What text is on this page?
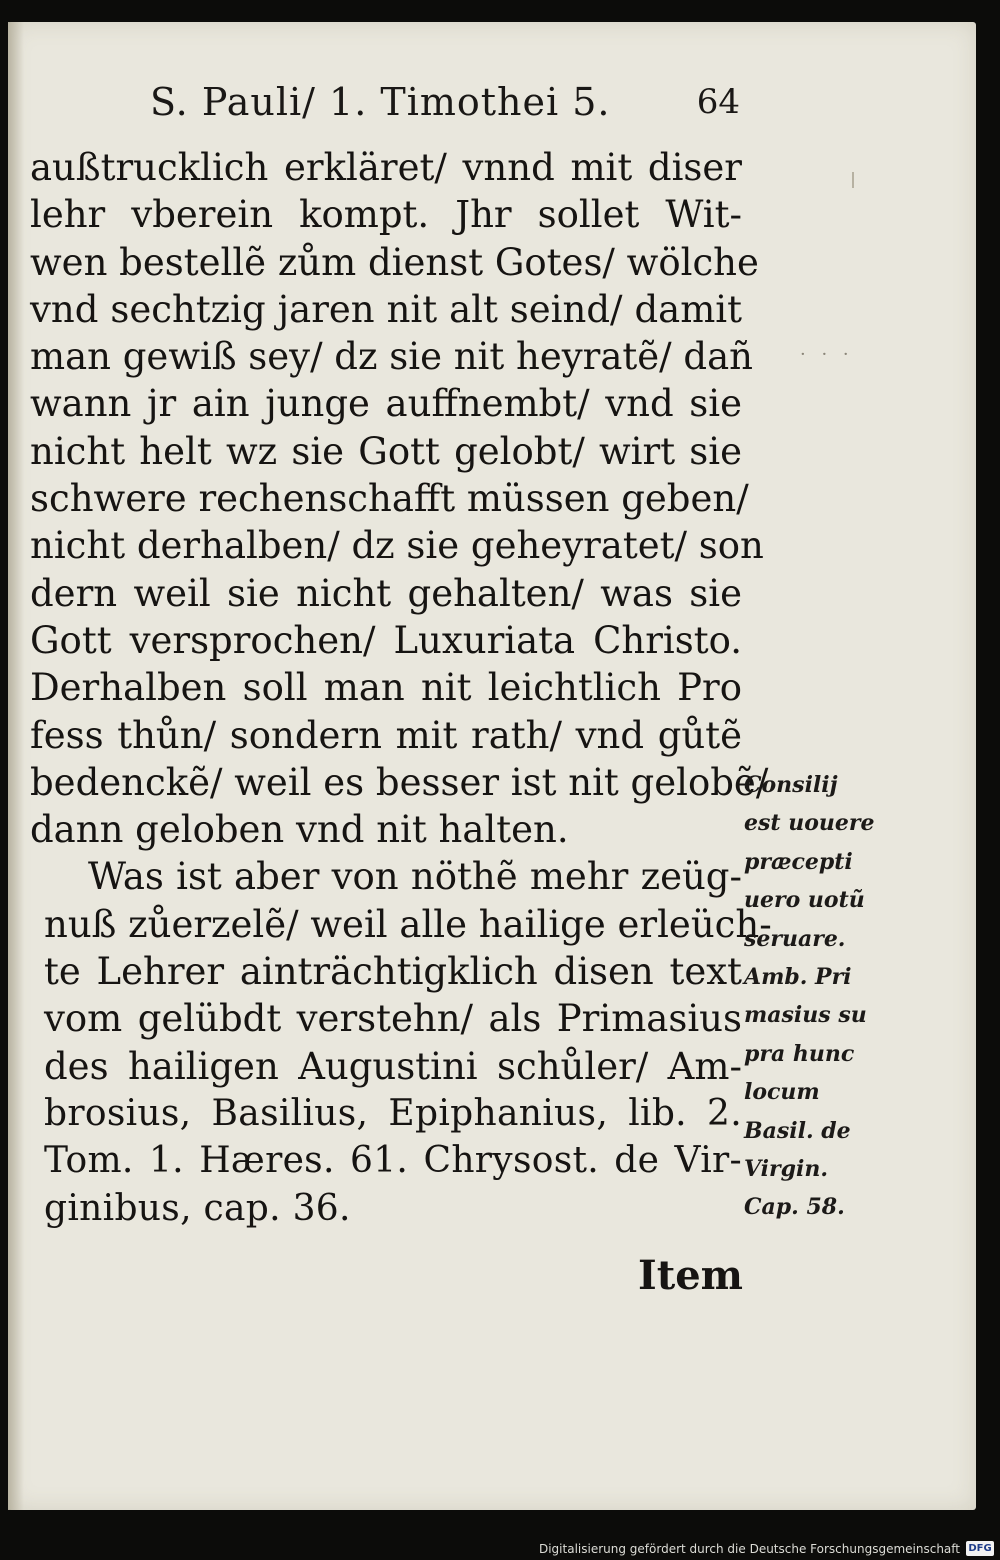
· · ·
S. Pauli/ 1. Timothei 5.	64
außtrucklich erkläret/ vnnd mit diser
lehr vberein kompt. Jhr sollet Wit-
wen bestellẽ zům dienst Gotes/ wölche
vnd sechtzig jaren nit alt seind/ damit
man gewiß sey/ dz sie nit heyratẽ/ dañ
wann jr ain junge auffnembt/ vnd sie
nicht helt wz sie Gott gelobt/ wirt sie
schwere rechenschafft müssen geben/
nicht derhalben/ dz sie geheyratet/ son
dern weil sie nicht gehalten/ was sie
Gott versprochen/ Luxuriata Christo.
Derhalben soll man nit leichtlich Pro
fess thůn/ sondern mit rath/ vnd gůtẽ
bedenckẽ/ weil es besser ist nit gelobẽ/
dann geloben vnd nit halten.
Was ist aber von nöthẽ mehr zeüg-
nuß zůerzelẽ/ weil alle hailige erleüch-
te Lehrer ainträchtigklich disen text
vom gelübdt verstehn/ als Primasius
des hailigen Augustini schůler/ Am-
brosius, Basilius, Epiphanius, lib. 2.
Tom. 1. Hæres. 61. Chrysost. de Vir-
ginibus, cap. 36.
Item
Consilij
est uouere
præcepti
uero uotũ
seruare.
Amb. Pri
masius su
pra hunc
locum
Basil. de
Virgin.
Cap. 58.
Digitalisierung gefördert durch die Deutsche Forschungsgemeinschaft DFG
